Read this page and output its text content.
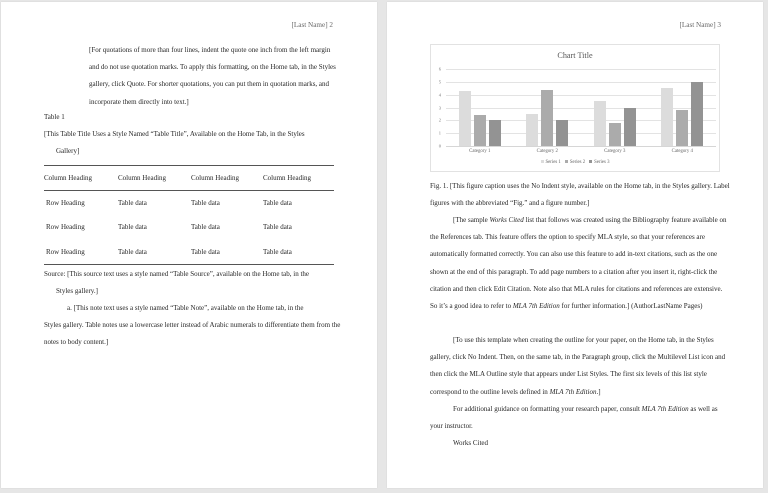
[Last Name] 2
[For quotations of more than four lines, indent the quote one inch from the left margin and do not use quotation marks. To apply this formatting, on the Home tab, in the Styles gallery, click Quote. For shorter quotations, you can put them in quotation marks, and incorporate them directly into text.]
Table 1
[This Table Title Uses a Style Named “Table Title”, Available on the Home Tab, in the Styles
Gallery]
Column Heading	Column Heading	Column Heading	Column Heading
Row Heading	Table data	Table data	Table data
Row Heading	Table data	Table data	Table data
Row Heading	Table data	Table data	Table data
Source: [This source text uses a style named “Table Source”, available on the Home tab, in the
Styles gallery.]
a. [This note text uses a style named “Table Note”, available on the Home tab, in the
Styles gallery. Table notes use a lowercase letter instead of Arabic numerals to differentiate them from the notes to body content.]
[Last Name] 3
Chart Title
0
1
2
3
4
5
6
Category 1	Category 2	Category 3	Category 4
Series 1 Series 2 Series 3
Fig. 1. [This figure caption uses the No Indent style, available on the Home tab, in the Styles gallery. Label figures with the abbreviated “Fig.” and a figure number.]
[The sample Works Cited list that follows was created using the Bibliography feature available on the References tab. This feature offers the option to specify MLA style, so that your references are automatically formatted correctly. You can also use this feature to add in-text citations, such as the one shown at the end of this paragraph. To add page numbers to a citation after you insert it, right-click the citation and then click Edit Citation. Note also that MLA rules for citations and references are extensive. So it’s a good idea to refer to MLA 7th Edition for further information.] (AuthorLastName Pages)
[To use this template when creating the outline for your paper, on the Home tab, in the Styles gallery, click No Indent. Then, on the same tab, in the Paragraph group, click the Multilevel List icon and then click the MLA Outline style that appears under List Styles. The first six levels of this list style correspond to the outline levels defined in MLA 7th Edition.]
For additional guidance on formatting your research paper, consult MLA 7th Edition as well as your instructor.
Works Cited
